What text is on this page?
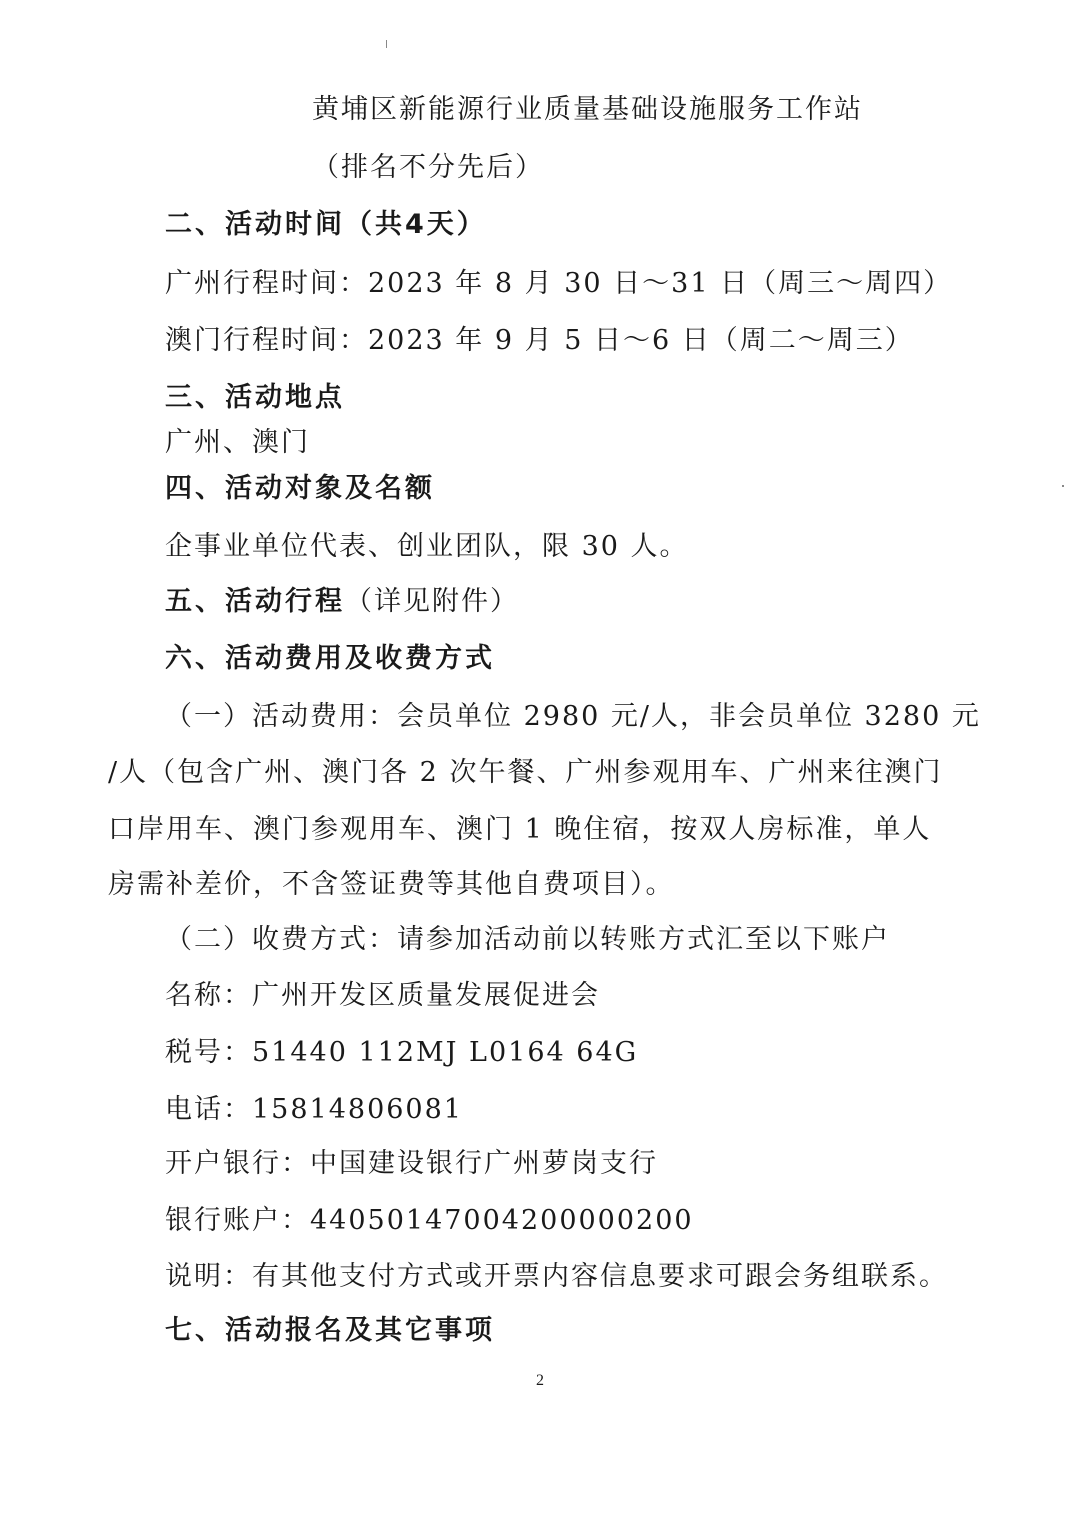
黄埔区新能源行业质量基础设施服务工作站
（排名不分先后）
二、活动时间（共4天）
广州行程时间：2023 年 8 月 30 日～31 日（周三～周四）
澳门行程时间：2023 年 9 月 5 日～6 日（周二～周三）
三、活动地点
广州、澳门
四、活动对象及名额
企事业单位代表、创业团队，限 30 人。
五、活动行程（详见附件）
六、活动费用及收费方式
（一）活动费用：会员单位 2980 元/人，非会员单位 3280 元
/人（包含广州、澳门各 2 次午餐、广州参观用车、广州来往澳门
口岸用车、澳门参观用车、澳门 1 晚住宿，按双人房标准，单人
房需补差价，不含签证费等其他自费项目）。
（二）收费方式：请参加活动前以转账方式汇至以下账户
名称：广州开发区质量发展促进会
税号：51440 112MJ L0164 64G
电话：15814806081
开户银行：中国建设银行广州萝岗支行
银行账户：44050147004200000200
说明：有其他支付方式或开票内容信息要求可跟会务组联系。
七、活动报名及其它事项
2
